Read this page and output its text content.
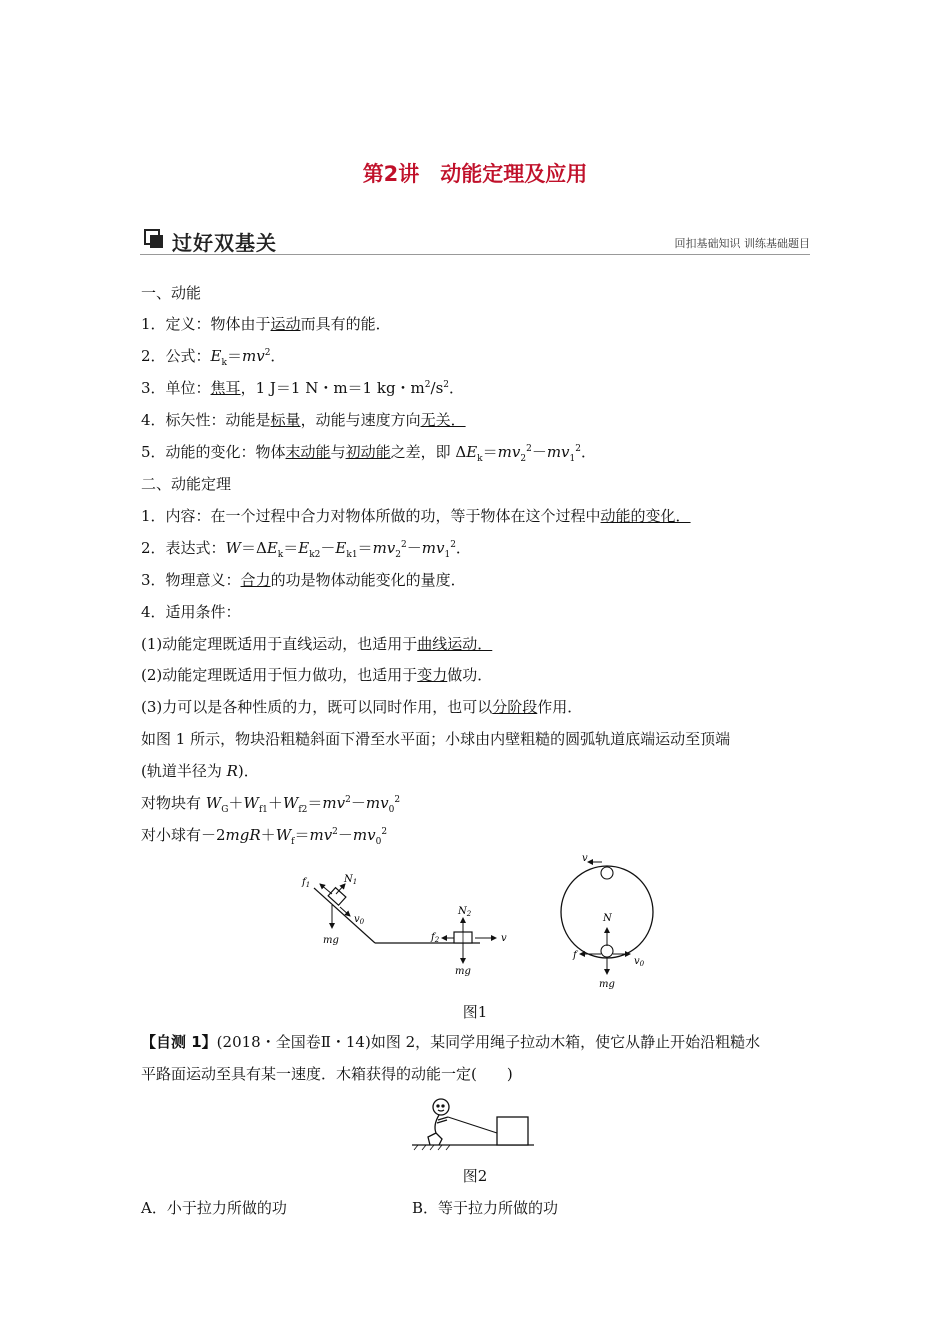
第2讲　动能定理及应用
过好双基关	回扣基础知识 训练基础题目
一、动能
1．定义：物体由于运动而具有的能．
2．公式：$E_k=mv^2$．
3．单位：焦耳，1 J＝1 N・m＝1 kg・$m^2/s^2$．
4．标矢性：动能是标量，动能与速度方向无关．
5．动能的变化：物体末动能与初动能之差，即 $\Delta E_k=mv_2^2-mv_1^2$．
二、动能定理
1．内容：在一个过程中合力对物体所做的功，等于物体在这个过程中动能的变化．
2．表达式：$W=\Delta E_k=E_{k2}-E_{k1}=mv_2^2-mv_1^2$．
3．物理意义：合力的功是物体动能变化的量度．
4．适用条件：
(1)动能定理既适用于直线运动，也适用于曲线运动．
(2)动能定理既适用于恒力做功，也适用于变力做功．
(3)力可以是各种性质的力，既可以同时作用，也可以分阶段作用．
如图 1 所示，物块沿粗糙斜面下滑至水平面；小球由内壁粗糙的圆弧轨道底端运动至顶端
(轨道半径为 R)．
对物块有 $W_G+W_{f1}+W_{f2}=mv^2-mv_0^2$
对小球有$-2mgR+W_f=mv^2-mv_0^2$
$f_1$	$N_1$
$v_0$
mg
$N_2$
$f_2$	v
mg
v
N
f
$v_0$
mg
图1
【自测 1】(2018・全国卷Ⅱ・14)如图 2，某同学用绳子拉动木箱，使它从静止开始沿粗糙水
平路面运动至具有某一速度．木箱获得的动能一定(　　)
图2
A．小于拉力所做的功	B．等于拉力所做的功
